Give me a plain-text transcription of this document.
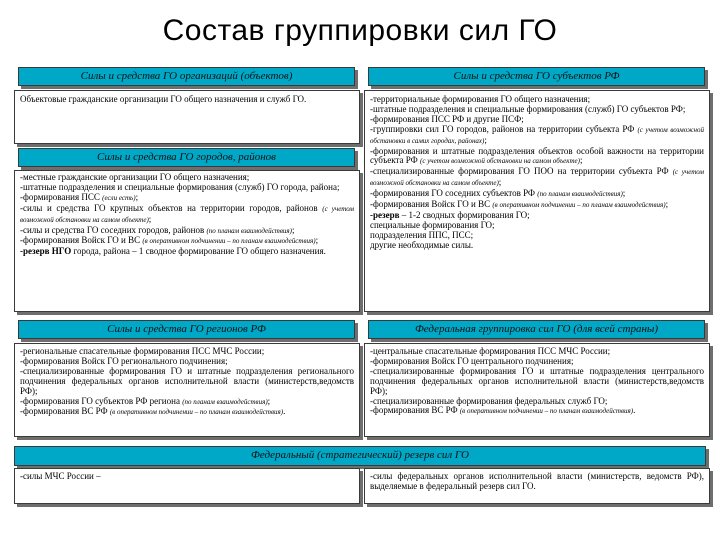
Состав группировки сил ГО
Силы и средства ГО организаций (объектов)

Объектовые гражданские организации ГО общего назначения и служб ГО.

Силы и средства ГО городов, районов
-местные гражданские организации ГО общего назначения;
-штатные подразделения и специальные формирования (служб) ГО города, района;
-формирования ПСС (если есть);
-силы и средства ГО крупных объектов на территории городов, районов (с учетом возможной обстановки на самом объекте);
-силы и средства ГО соседних городов, районов (по планам взаимодействия);
-формирования Войск ГО и ВС (в оперативном подчинении – по планам взаимодействия);
-резерв НГО города, района – 1 сводное формирование ГО общего назначения.
Силы и средства ГО субъектов РФ
-территориальные формирования ГО общего назначения;
-штатные подразделения и специальные формирования (служб) ГО субъектов РФ;
-формирования ПСС РФ и другие ПСФ;
-группировки сил ГО городов, районов на территории субъекта РФ (с учетом возможной обстановки в самих городах, районах);
-формирования и штатные подразделения объектов особой важности на территории субъекта РФ (с учетом возможной обстановки на самом объекте);
-специализированные формирования ГО ПОО на территории субъекта РФ (с учетом возможной обстановки на самом объекте);
-формирования ГО соседних субъектов РФ (по планам взаимодействия);
-формирования Войск ГО и ВС (в оперативном подчинении – по планам взаимодействия);
-резерв – 1-2 сводных формирования ГО;
специальные формирования ГО;
подразделения ППС, ПСС;
другие необходимые силы.
Силы и средства ГО регионов РФ
-региональные спасательные формирования ПСС МЧС России;
-формирования Войск ГО регионального подчинения;
-специализированные формирования ГО и штатные подразделения регионального подчинения федеральных органов исполнительной власти (министерств,ведомств РФ);
-формирования ГО субъектов РФ региона (по планам взаимодействия);
-формирования ВС РФ (в оперативном подчинении – по планам взаимодействия).
Федеральная группировка сил ГО (для всей страны)
-центральные спасательные формирования ПСС МЧС России;
-формирования Войск ГО центрального подчинения;
-специализированные формирования ГО и штатные подразделения центрального подчинения федеральных органов исполнительной власти (министерств,ведомств РФ);
-специализированные формирования федеральных служб ГО;
-формирования ВС РФ (в оперативном подчинении – по планам взаимодействия).
Федеральный (стратегический) резерв сил ГО
-силы МЧС России –	-силы федеральных органов исполнительной власти (министерств, ведомств РФ), выделяемые в федеральный резерв сил ГО.
